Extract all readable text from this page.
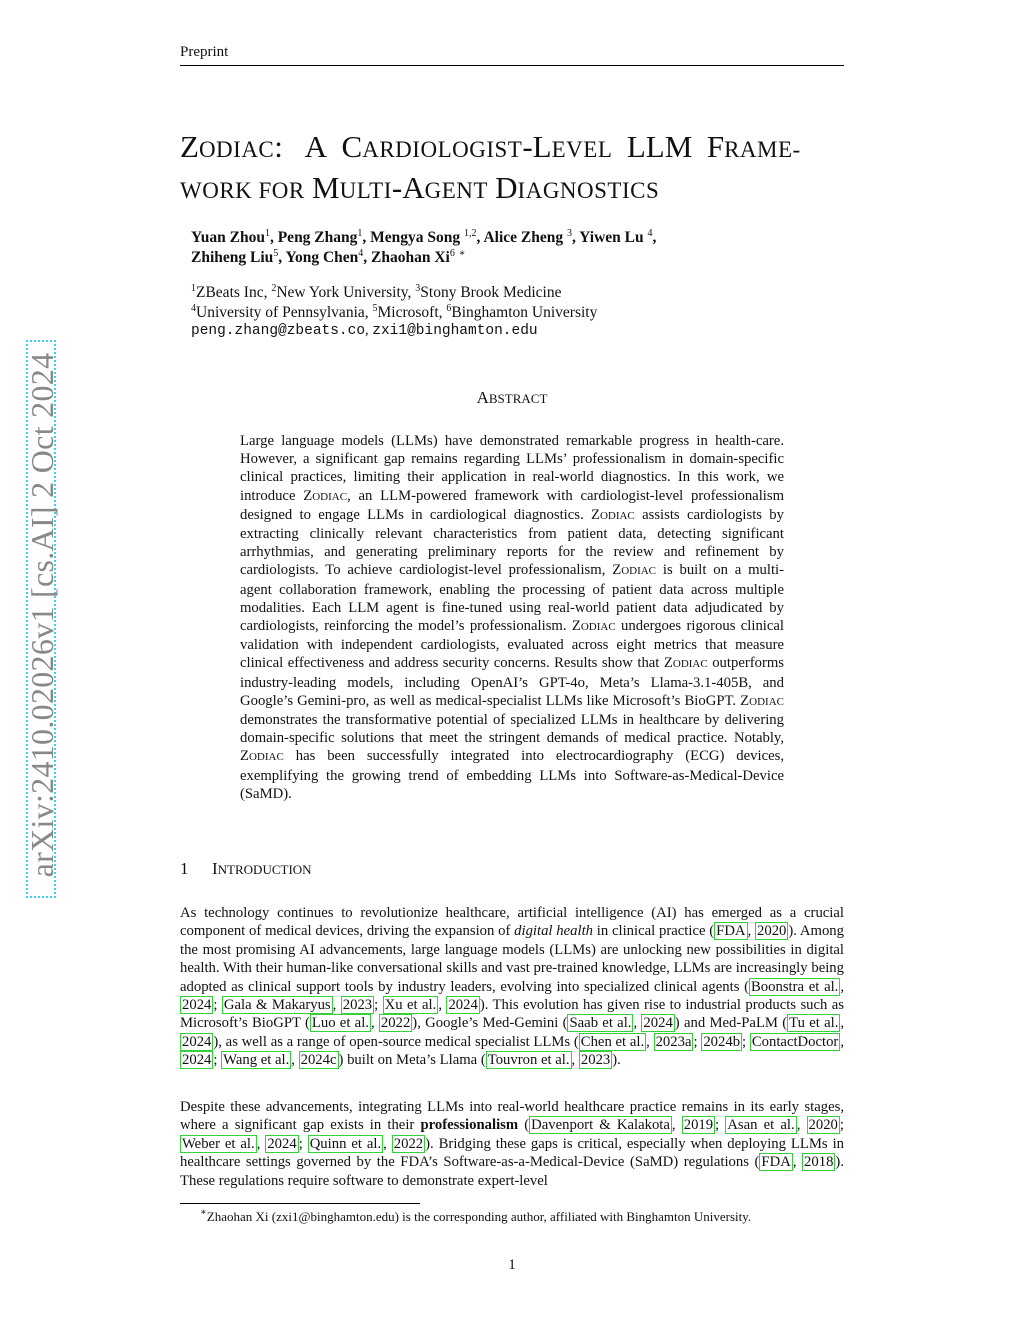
Preprint
arXiv:2410.02026v1 [cs.AI] 2 Oct 2024
ZODIAC: A CARDIOLOGIST-LEVEL LLM FRAME-
WORK FOR MULTI-AGENT DIAGNOSTICS
Yuan Zhou$^1$, Peng Zhang$^1$, Mengya Song $^{1,2}$, Alice Zheng $^3$, Yiwen Lu $^4$,
Zhiheng Liu$^5$, Yong Chen$^4$, Zhaohan Xi$^6$ ∗
$^1$ZBeats Inc, $^2$New York University, $^3$Stony Brook Medicine
$^4$University of Pennsylvania, $^5$Microsoft, $^6$Binghamton University
peng.zhang@zbeats.co, zxi1@binghamton.edu
ABSTRACT
Large language models (LLMs) have demonstrated remarkable progress in health-care. However, a significant gap remains regarding LLMs’ professionalism in domain-specific clinical practices, limiting their application in real-world diagnostics. In this work, we introduce ZODIAC, an LLM-powered framework with cardiologist-level professionalism designed to engage LLMs in cardiological diagnostics. ZODIAC assists cardiologists by extracting clinically relevant characteristics from patient data, detecting significant arrhythmias, and generating preliminary reports for the review and refinement by cardiologists. To achieve cardiologist-level professionalism, ZODIAC is built on a multi-agent collaboration framework, enabling the processing of patient data across multiple modalities. Each LLM agent is fine-tuned using real-world patient data adjudicated by cardiologists, reinforcing the model’s professionalism. ZODIAC undergoes rigorous clinical validation with independent cardiologists, evaluated across eight metrics that measure clinical effectiveness and address security concerns. Results show that ZODIAC outperforms industry-leading models, including OpenAI’s GPT-4o, Meta’s Llama-3.1-405B, and Google’s Gemini-pro, as well as medical-specialist LLMs like Microsoft’s BioGPT. ZODIAC demonstrates the transformative potential of specialized LLMs in healthcare by delivering domain-specific solutions that meet the stringent demands of medical practice. Notably, ZODIAC has been successfully integrated into electrocardiography (ECG) devices, exemplifying the growing trend of embedding LLMs into Software-as-Medical-Device (SaMD).
1 INTRODUCTION
As technology continues to revolutionize healthcare, artificial intelligence (AI) has emerged as a crucial component of medical devices, driving the expansion of digital health in clinical practice ( FDA , 2020 ). Among the most promising AI advancements, large language models (LLMs) are unlocking new possibilities in digital health. With their human-like conversational skills and vast pre-trained knowledge, LLMs are increasingly being adopted as clinical support tools by industry leaders, evolving into specialized clinical agents ( Boonstra et al. , 2024 ; Gala & Makaryus , 2023 ; Xu et al. , 2024 ). This evolution has given rise to industrial products such as Microsoft’s BioGPT ( Luo et al. , 2022 ), Google’s Med-Gemini ( Saab et al. , 2024 ) and Med-PaLM ( Tu et al. , 2024 ), as well as a range of open-source medical specialist LLMs ( Chen et al. , 2023a ; 2024b ; ContactDoctor , 2024 ; Wang et al. , 2024c ) built on Meta’s Llama ( Touvron et al. , 2023 ).
Despite these advancements, integrating LLMs into real-world healthcare practice remains in its early stages, where a significant gap exists in their professionalism ( Davenport & Kalakota , 2019 ; Asan et al. , 2020 ; Weber et al. , 2024 ; Quinn et al. , 2022 ). Bridging these gaps is critical, especially when deploying LLMs in healthcare settings governed by the FDA’s Software-as-a-Medical-Device (SaMD) regulations ( FDA , 2018 ). These regulations require software to demonstrate expert-level
∗Zhaohan Xi (zxi1@binghamton.edu) is the corresponding author, affiliated with Binghamton University.
1
